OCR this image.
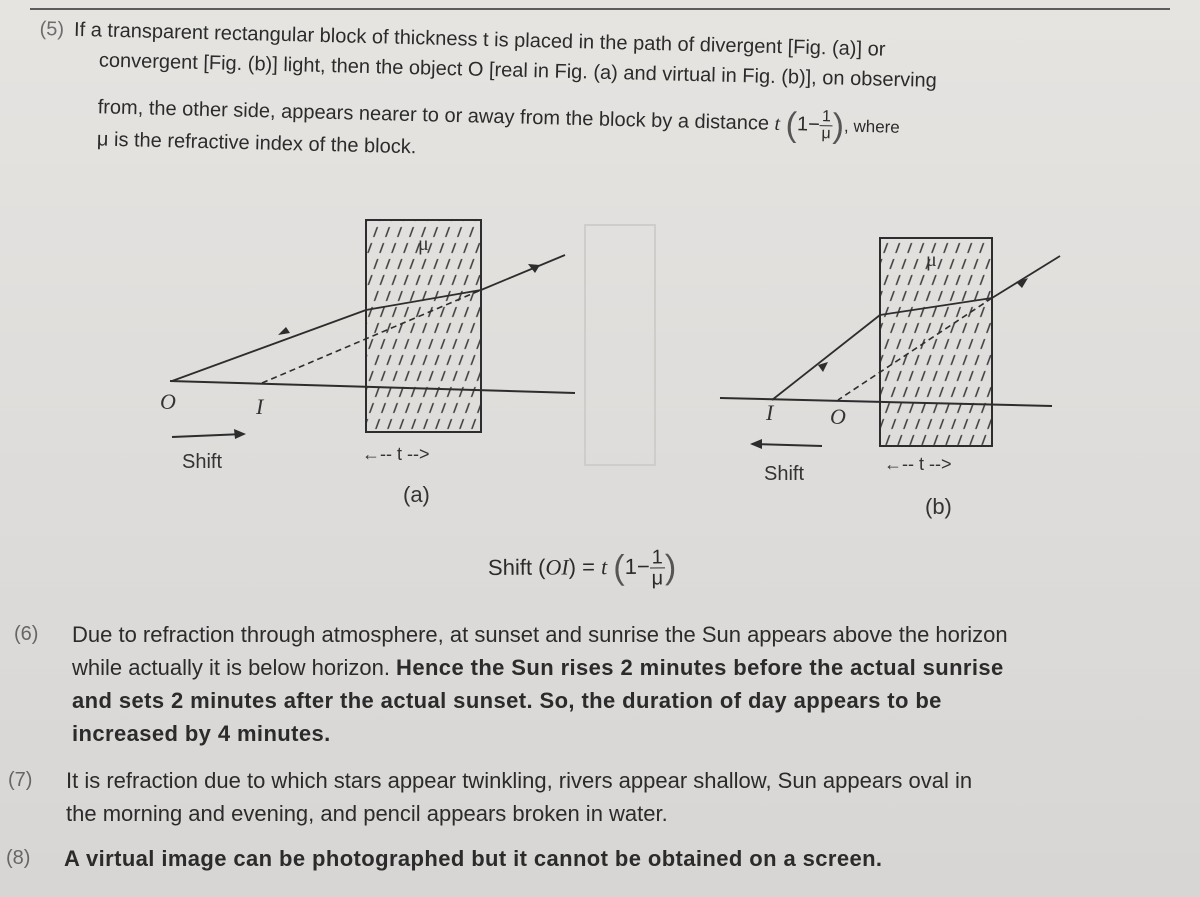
(5) If a transparent rectangular block of thickness t is placed in the path of divergent [Fig. (a)] or
convergent [Fig. (b)] light, then the object O [real in Fig. (a) and virtual in Fig. (b)], on observing
from, the other side, appears nearer to or away from the block by a distance t ($1- \frac{1}{\mu}$ ), where
μ is the refractive index of the block.
μ
O	I
Shift	←-- t -->
(a)
μ
I	O
Shift	←-- t -->
(b)
Shift (OI) = t ($1- \frac{1}{\mu}$ )
(6) Due to refraction through atmosphere, at sunset and sunrise the Sun appears above the horizon
while actually it is below horizon. Hence the Sun rises 2 minutes before the actual sunrise
and sets 2 minutes after the actual sunset. So, the duration of day appears to be
increased by 4 minutes.
(7) It is refraction due to which stars appear twinkling, rivers appear shallow, Sun appears oval in
the morning and evening, and pencil appears broken in water.
(8) A virtual image can be photographed but it cannot be obtained on a screen.
